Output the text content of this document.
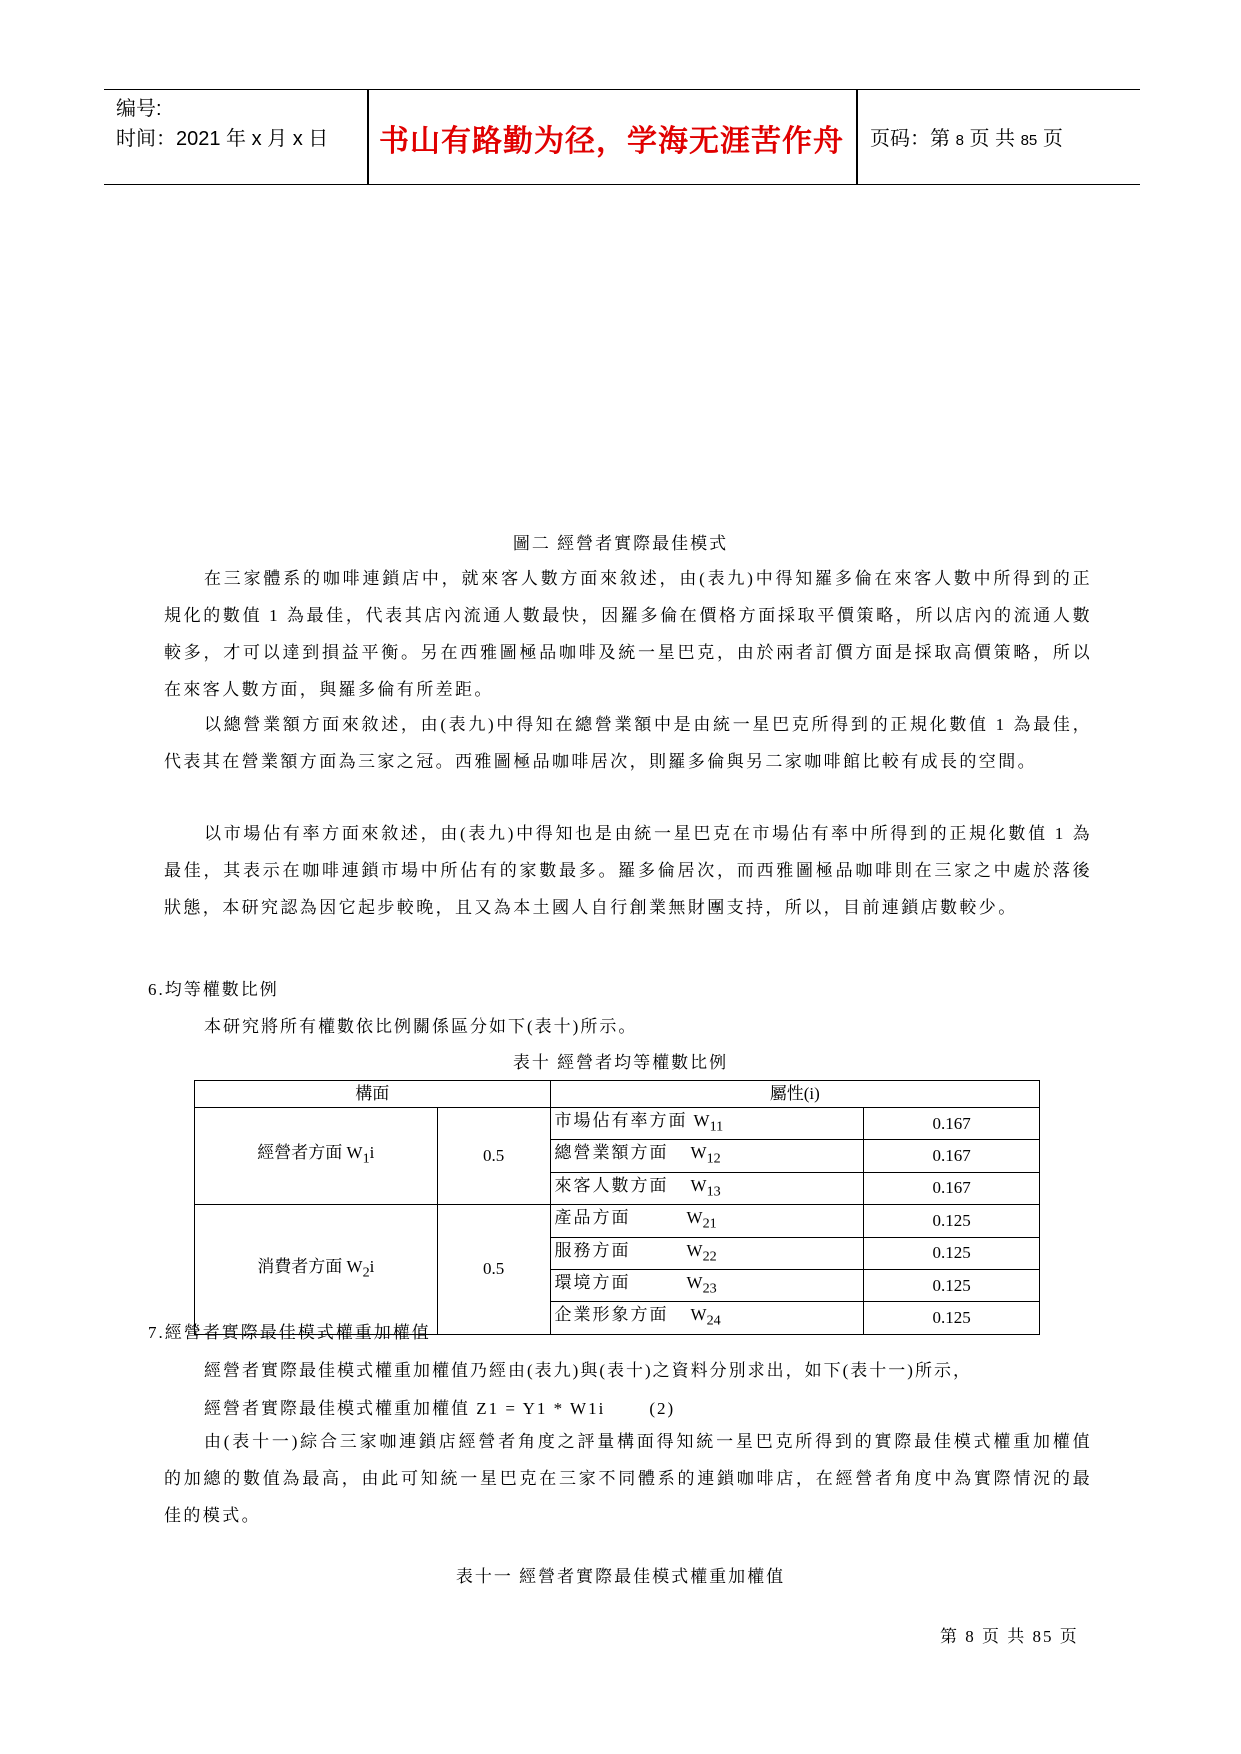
编号:
时间：2021 年 x 月 x 日	书山有路勤为径，学海无涯苦作舟	页码：第 8 页 共 85 页
圖二 經營者實際最佳模式
在三家體系的咖啡連鎖店中，就來客人數方面來敘述，由(表九)中得知羅多倫在來客人數中所得到的正規化的數值 1 為最佳，代表其店內流通人數最快，因羅多倫在價格方面採取平價策略，所以店內的流通人數較多，才可以達到損益平衡。另在西雅圖極品咖啡及統一星巴克，由於兩者訂價方面是採取高價策略，所以在來客人數方面，與羅多倫有所差距。
以總營業額方面來敘述，由(表九)中得知在總營業額中是由統一星巴克所得到的正規化數值 1 為最佳，代表其在營業額方面為三家之冠。西雅圖極品咖啡居次，則羅多倫與另二家咖啡館比較有成長的空間。
以市場佔有率方面來敘述，由(表九)中得知也是由統一星巴克在市場佔有率中所得到的正規化數值 1 為最佳，其表示在咖啡連鎖市場中所佔有的家數最多。羅多倫居次，而西雅圖極品咖啡則在三家之中處於落後狀態，本研究認為因它起步較晚，且又為本土國人自行創業無財團支持，所以，目前連鎖店數較少。
6.均等權數比例
本研究將所有權數依比例關係區分如下(表十)所示。
表十 經營者均等權數比例
構面		屬性(i)	
經營者方面 $W_1i$	0.5	市場佔有率方面 $W_{11}$	0.167
		總營業額方面 $W_{12}$	0.167
		來客人數方面 $W_{13}$	0.167
消費者方面 $W_2i$	0.5	產品方面 $W_{21}$	0.125
		服務方面 $W_{22}$	0.125
		環境方面 $W_{23}$	0.125
		企業形象方面 $W_{24}$	0.125
7.經營者實際最佳模式權重加權值
經營者實際最佳模式權重加權值乃經由(表九)與(表十)之資料分別求出，如下(表十一)所示，
經營者實際最佳模式權重加權值 Z1 = Y1 * W1i	(2)
由(表十一)綜合三家咖連鎖店經營者角度之評量構面得知統一星巴克所得到的實際最佳模式權重加權值的加總的數值為最高，由此可知統一星巴克在三家不同體系的連鎖咖啡店，在經營者角度中為實際情況的最佳的模式。
表十一 經營者實際最佳模式權重加權值
第 8 页 共 85 页
